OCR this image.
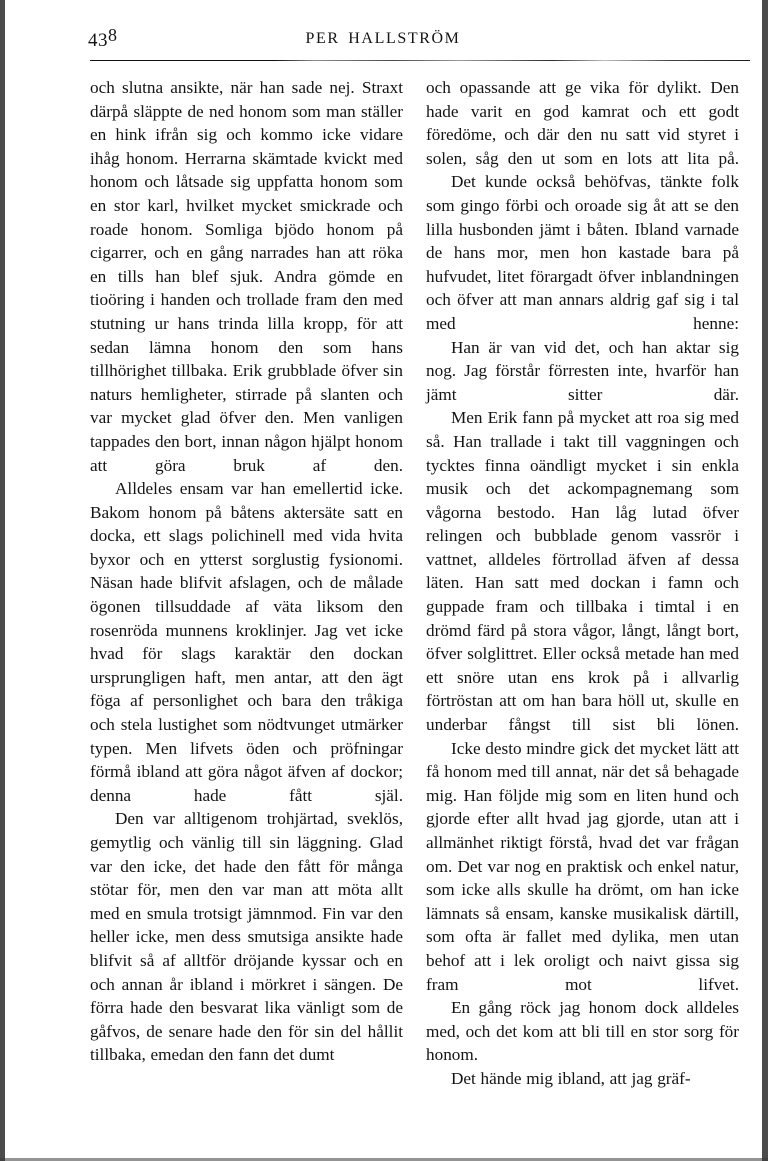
438	PER HALLSTRÖM

och slutna ansikte, när han sade nej. Straxt därpå släppte de ned honom som man ställer en hink ifrån sig och kommo icke vidare ihåg honom. Herrarna skämtade kvickt med honom och låtsade sig uppfatta honom som en stor karl, hvilket mycket smickrade och roade honom. Somliga bjödo honom på cigarrer, och en gång narrades han att röka en tills han blef sjuk. Andra gömde en tioöring i handen och trollade fram den med stutning ur hans trinda lilla kropp, för att sedan lämna honom den som hans tillhörighet tillbaka. Erik grubblade öfver sin naturs hemligheter, stirrade på slanten och var mycket glad öfver den. Men vanligen tappades den bort, innan någon hjälpt honom att göra bruk af den.

Alldeles ensam var han emellertid icke. Bakom honom på båtens aktersäte satt en docka, ett slags polichinell med vida hvita byxor och en ytterst sorglustig fysionomi. Näsan hade blifvit afslagen, och de målade ögonen tillsuddade af väta liksom den rosenröda munnens kroklinjer. Jag vet icke hvad för slags karaktär den dockan ursprungligen haft, men antar, att den ägt föga af personlighet och bara den tråkiga och stela lustighet som nödtvunget utmärker typen. Men lifvets öden och pröfningar förmå ibland att göra något äfven af dockor; denna hade fått själ.

Den var alltigenom trohjärtad, sveklös, gemytlig och vänlig till sin läggning. Glad var den icke, det hade den fått för många stötar för, men den var man att möta allt med en smula trotsigt jämnmod. Fin var den heller icke, men dess smutsiga ansikte hade blifvit så af alltför dröjande kyssar och en och annan år ibland i mörkret i sängen. De förra hade den besvarat lika vänligt som de gåfvos, de senare hade den för sin del hållit tillbaka, emedan den fann det dumt

och opassande att ge vika för dylikt. Den hade varit en god kamrat och ett godt föredöme, och där den nu satt vid styret i solen, såg den ut som en lots att lita på.

Det kunde också behöfvas, tänkte folk som gingo förbi och oroade sig åt att se den lilla husbonden jämt i båten. Ibland varnade de hans mor, men hon kastade bara på hufvudet, litet förargadt öfver inblandningen och öfver att man annars aldrig gaf sig i tal med henne:

Han är van vid det, och han aktar sig nog. Jag förstår förresten inte, hvarför han jämt sitter där.

Men Erik fann på mycket att roa sig med så. Han trallade i takt till vaggningen och tycktes finna oändligt mycket i sin enkla musik och det ackompagnemang som vågorna bestodo. Han låg lutad öfver relingen och bubblade genom vassrör i vattnet, alldeles förtrollad äfven af dessa läten. Han satt med dockan i famn och guppade fram och tillbaka i timtal i en drömd färd på stora vågor, långt, långt bort, öfver solglittret. Eller också metade han med ett snöre utan ens krok på i allvarlig förtröstan att om han bara höll ut, skulle en underbar fångst till sist bli lönen.

Icke desto mindre gick det mycket lätt att få honom med till annat, när det så behagade mig. Han följde mig som en liten hund och gjorde efter allt hvad jag gjorde, utan att i allmänhet riktigt förstå, hvad det var frågan om. Det var nog en praktisk och enkel natur, som icke alls skulle ha drömt, om han icke lämnats så ensam, kanske musikalisk därtill, som ofta är fallet med dylika, men utan behof att i lek oroligt och naivt gissa sig fram mot lifvet.

En gång röck jag honom dock alldeles med, och det kom att bli till en stor sorg för honom.

Det hände mig ibland, att jag gräf-
